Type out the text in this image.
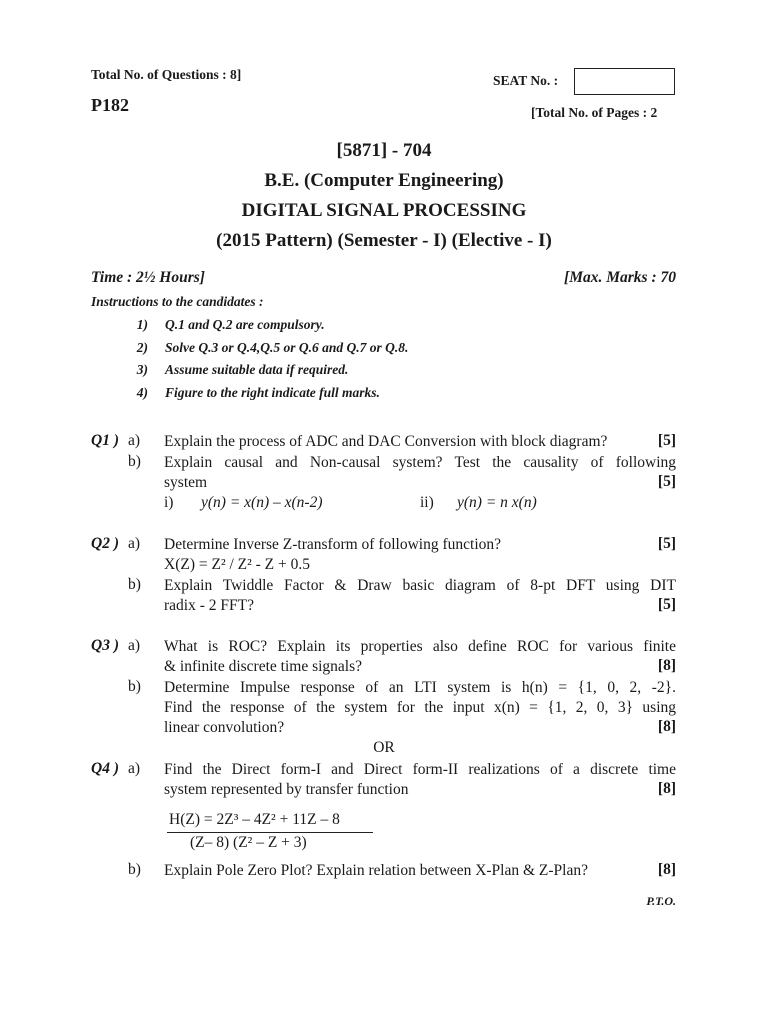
Total No. of Questions : 8]	SEAT No. :
P182	[Total No. of Pages : 2
[5871] - 704
B.E. (Computer Engineering)
DIGITAL SIGNAL PROCESSING
(2015 Pattern) (Semester - I) (Elective - I)
Time : 2½ Hours]	[Max. Marks : 70
Instructions to the candidates :
1) Q.1 and Q.2 are compulsory.
2) Solve Q.3 or Q.4,Q.5 or Q.6 and Q.7 or Q.8.
3) Assume suitable data if required.
4) Figure to the right indicate full marks.
Q1 ) a) Explain the process of ADC and DAC Conversion with block diagram?	[5]
b) Explain causal and Non-causal system? Test the causality of following
system	[5]
i) y(n) = x(n) – x(n-2)	ii) y(n) = n x(n)
Q2 ) a) Determine Inverse Z-transform of following function?	[5]
X(Z) = Z² / Z² - Z + 0.5
b) Explain Twiddle Factor & Draw basic diagram of 8-pt DFT using DIT
radix - 2 FFT?	[5]
Q3 ) a) What is ROC? Explain its properties also define ROC for various finite
& infinite discrete time signals?	[8]
b) Determine Impulse response of an LTI system is h(n) = {1, 0, 2, -2}.
Find the response of the system for the input x(n) = {1, 2, 0, 3} using
linear convolution?	[8]
OR
Q4 ) a) Find the Direct form-I and Direct form-II realizations of a discrete time
system represented by transfer function	[8]
H(Z) = 2Z³ – 4Z² + 11Z – 8
(Z– 8) (Z² – Z + 3)
b) Explain Pole Zero Plot? Explain relation between X-Plan & Z-Plan?	[8]
P.T.O.
